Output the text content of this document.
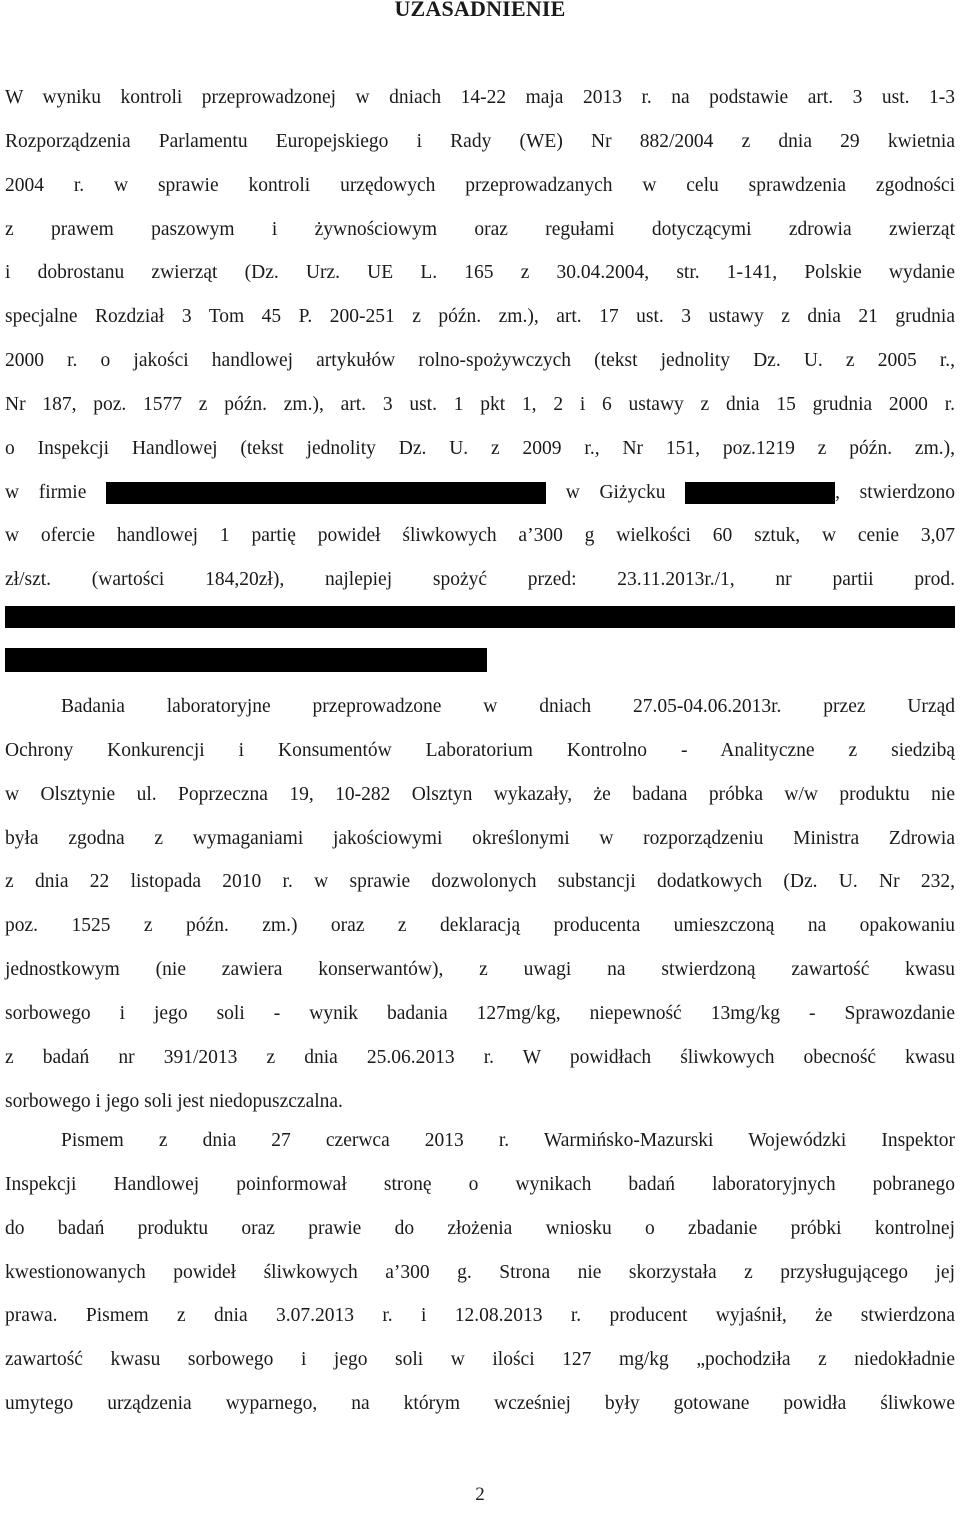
UZASADNIENIE
W wyniku kontroli przeprowadzonej w dniach 14-22 maja 2013 r. na podstawie art. 3 ust. 1-3
Rozporządzenia Parlamentu Europejskiego i Rady (WE) Nr 882/2004 z dnia 29 kwietnia
2004 r. w sprawie kontroli urzędowych przeprowadzanych w celu sprawdzenia zgodności
z prawem paszowym i żywnościowym oraz regułami dotyczącymi zdrowia zwierząt
i dobrostanu zwierząt (Dz. Urz. UE L. 165 z 30.04.2004, str. 1-141, Polskie wydanie
specjalne Rozdział 3 Tom 45 P. 200-251 z późn. zm.), art. 17 ust. 3 ustawy z dnia 21 grudnia
2000 r. o jakości handlowej artykułów rolno-spożywczych (tekst jednolity Dz. U. z 2005 r.,
Nr 187, poz. 1577 z późn. zm.), art. 3 ust. 1 pkt 1, 2 i 6 ustawy z dnia 15 grudnia 2000 r.
o Inspekcji Handlowej (tekst jednolity Dz. U. z 2009 r., Nr 151, poz.1219 z późn. zm.),
w firmie	w Giżycku	, stwierdzono
w ofercie handlowej 1 partię powideł śliwkowych a’300 g wielkości 60 sztuk, w cenie 3,07
zł/szt. (wartości 184,20zł), najlepiej spożyć przed: 23.11.2013r./1, nr partii prod.
Badania laboratoryjne przeprowadzone w dniach 27.05-04.06.2013r. przez Urząd
Ochrony Konkurencji i Konsumentów Laboratorium Kontrolno - Analityczne z siedzibą
w Olsztynie ul. Poprzeczna 19, 10-282 Olsztyn wykazały, że badana próbka w/w produktu nie
była zgodna z wymaganiami jakościowymi określonymi w rozporządzeniu Ministra Zdrowia
z dnia 22 listopada 2010 r. w sprawie dozwolonych substancji dodatkowych (Dz. U. Nr 232,
poz. 1525 z późn. zm.) oraz z deklaracją producenta umieszczoną na opakowaniu
jednostkowym (nie zawiera konserwantów), z uwagi na stwierdzoną zawartość kwasu
sorbowego i jego soli - wynik badania 127mg/kg, niepewność 13mg/kg - Sprawozdanie
z badań nr 391/2013 z dnia 25.06.2013 r. W powidłach śliwkowych obecność kwasu
sorbowego i jego soli jest niedopuszczalna.
Pismem z dnia 27 czerwca 2013 r. Warmińsko-Mazurski Wojewódzki Inspektor
Inspekcji Handlowej poinformował stronę o wynikach badań laboratoryjnych pobranego
do badań produktu oraz prawie do złożenia wniosku o zbadanie próbki kontrolnej
kwestionowanych powideł śliwkowych a’300 g. Strona nie skorzystała z przysługującego jej
prawa. Pismem z dnia 3.07.2013 r. i 12.08.2013 r. producent wyjaśnił, że stwierdzona
zawartość kwasu sorbowego i jego soli w ilości 127 mg/kg „pochodziła z niedokładnie
umytego urządzenia wyparnego, na którym wcześniej były gotowane powidła śliwkowe
2
